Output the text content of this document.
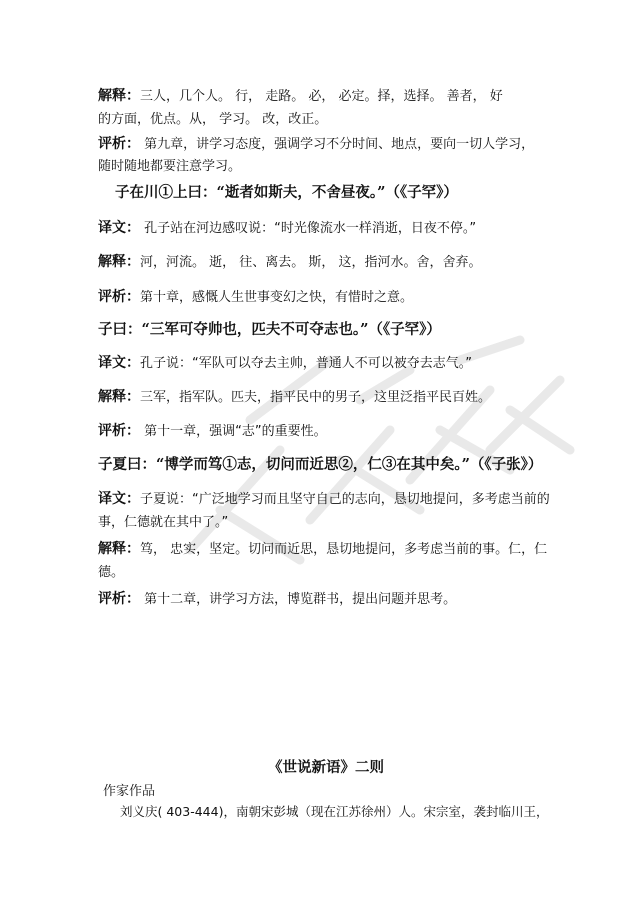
解释：三人，几个人。 行， 走路。 必， 必定。择，选择。 善者， 好
的方面，优点。从， 学习。 改，改正。
评析： 第九章，讲学习态度，强调学习不分时间、地点，要向一切人学习，
随时随地都要注意学习。
子在川①上曰：“逝者如斯夫，不舍昼夜。”（《子罕》）
译文： 孔子站在河边感叹说：“时光像流水一样消逝，日夜不停。”
解释：河，河流。 逝， 往、离去。 斯， 这，指河水。舍，舍弃。
评析：第十章，感慨人生世事变幻之快，有惜时之意。
子曰：“三军可夺帅也，匹夫不可夺志也。”（《子罕》）
译文：孔子说：“军队可以夺去主帅，普通人不可以被夺去志气。”
解释：三军，指军队。匹夫，指平民中的男子，这里泛指平民百姓。
评析： 第十一章，强调“志”的重要性。
子夏曰：“博学而笃①志，切问而近思②，仁③在其中矣。”（《子张》）
译文：子夏说：“广泛地学习而且坚守自己的志向，恳切地提问，多考虑当前的
事，仁德就在其中了。”
解释：笃， 忠实，坚定。切问而近思，恳切地提问，多考虑当前的事。仁，仁
德。
评析： 第十二章，讲学习方法，博览群书，提出问题并思考。
《世说新语》二则
作家作品
刘义庆( 403-444)，南朝宋彭城（现在江苏徐州）人。宋宗室，袭封临川王，
